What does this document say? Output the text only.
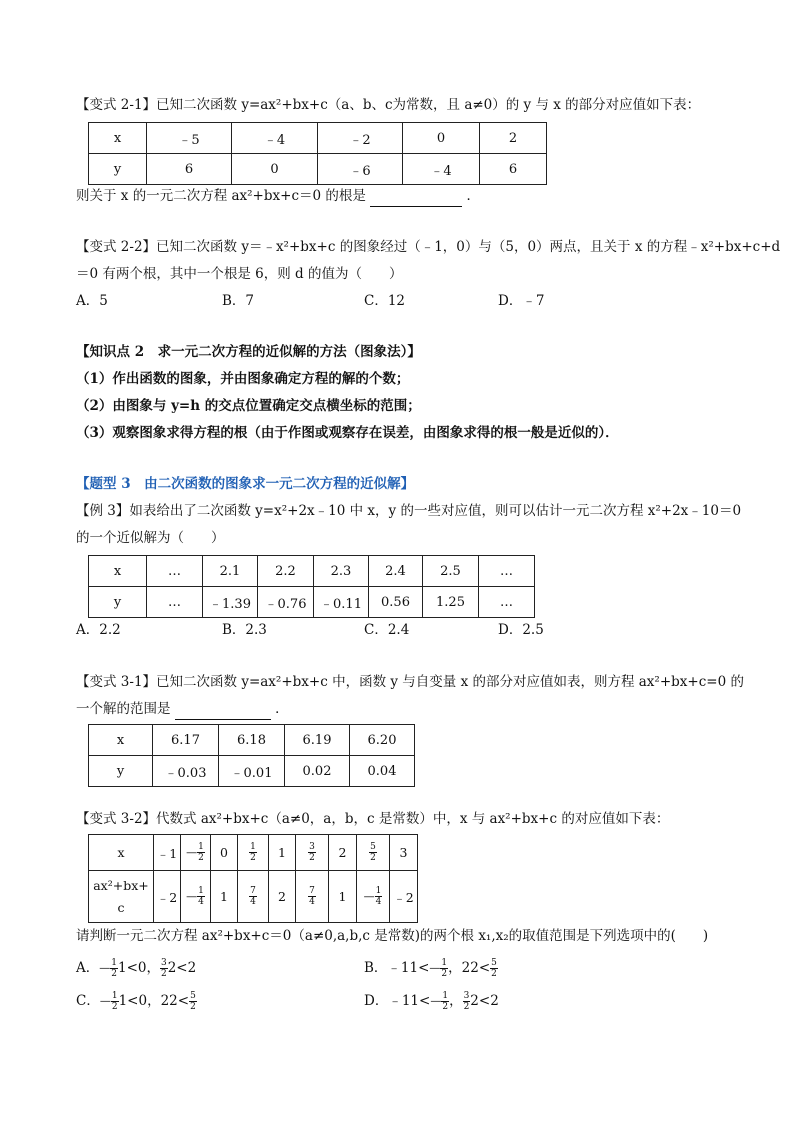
【变式 2-1】已知二次函数 y=ax²+bx+c（a、b、c为常数，且 a≠0）的 y 与 x 的部分对应值如下表：
x	﹣5	﹣4	﹣2	0	2
y	6	0	﹣6	﹣4	6
则关于 x 的一元二次方程 ax²+bx+c＝0 的根是	．
【变式 2-2】已知二次函数 y＝﹣x²+bx+c 的图象经过（﹣1，0）与（5，0）两点，且关于 x 的方程﹣x²+bx+c+d
＝0 有两个根，其中一个根是 6，则 d 的值为（　　）
A．5	B．7	C．12	D．﹣7
【知识点 2　求一元二次方程的近似解的方法（图象法）】
（1）作出函数的图象，并由图象确定方程的解的个数；
（2）由图象与 y=h 的交点位置确定交点横坐标的范围；
（3）观察图象求得方程的根（由于作图或观察存在误差，由图象求得的根一般是近似的）．
【题型 3　由二次函数的图象求一元二次方程的近似解】
【例 3】如表给出了二次函数 y=x²+2x﹣10 中 x，y 的一些对应值，则可以估计一元二次方程 x²+2x﹣10＝0
的一个近似解为（　　）
x	…	2.1	2.2	2.3	2.4	2.5	…
y	…	﹣1.39	﹣0.76	﹣0.11	0.56	1.25	…
A．2.2	B．2.3	C．2.4	D．2.5
【变式 3-1】已知二次函数 y=ax²+bx+c 中，函数 y 与自变量 x 的部分对应值如表，则方程 ax²+bx+c=0 的
一个解的范围是	．
x	6.17	6.18	6.19	6.20
y	﹣0.03	﹣0.01	0.02	0.04
【变式 3-2】代数式 ax²+bx+c（a≠0，a，b，c 是常数）中，x 与 ax²+bx+c 的对应值如下表：
x	﹣1	— $\frac{1}{2}$	0	$\frac{1}{2}$	1	$\frac{3}{2}$	2	$\frac{5}{2}$	3
ax²+bx+
c	﹣2	— $\frac{1}{4}$	1	$\frac{7}{4}$	2	$\frac{7}{4}$	1	— $\frac{1}{4}$	﹣2
请判断一元二次方程 ax²+bx+c＝0（a≠0,a,b,c 是常数)的两个根 x₁,x₂的取值范围是下列选项中的(　　)
A．— $\frac{1}{2} 1<0$， $\frac{3}{2} 2<2$	B．﹣11<— $\frac{1}{2}$ ，$22< \frac{5}{2}$
C．— $\frac{1}{2} 1<0$，$22< \frac{5}{2}$	D．﹣11<— $\frac{1}{2}$ ， $\frac{3}{2} 2<2$
